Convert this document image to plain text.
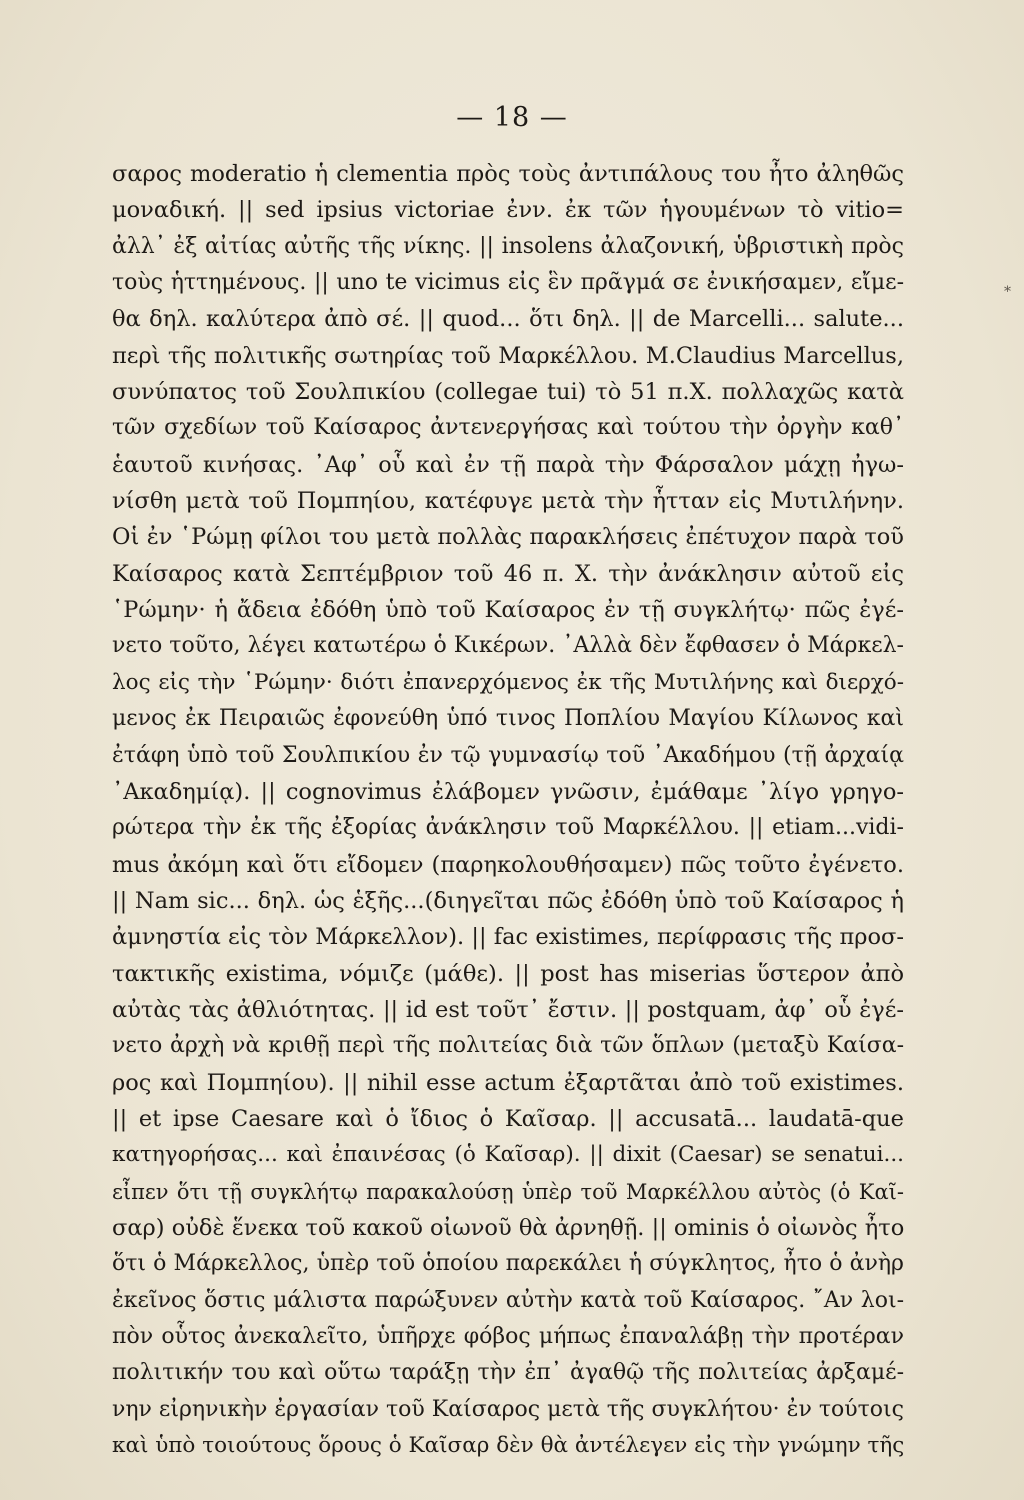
— 18 —
*
σαρος moderatio ἡ clementia πρὸς τοὺς ἀντιπάλους του ἦτο ἀληθῶς
μοναδική. || sed ipsius victoriae ἐνν. ἐκ τῶν ἡγουμένων τὸ vitio=
ἀλλ᾽ ἐξ αἰτίας αὐτῆς τῆς νίκης. || insolens ἀλαζονική, ὑβριστικὴ πρὸς
τοὺς ἡττημένους. || uno te vicimus εἰς ἓν πρᾶγμά σε ἐνικήσαμεν, εἴμε-
θα δηλ. καλύτερα ἀπὸ σέ. || quod... ὅτι δηλ. || de Marcelli... salute...
περὶ τῆς πολιτικῆς σωτηρίας τοῦ Μαρκέλλου. M.Claudius Marcellus,
συνύπατος τοῦ Σουλπικίου (collegae tui) τὸ 51 π.Χ. πολλαχῶς κατὰ
τῶν σχεδίων τοῦ Καίσαρος ἀντενεργήσας καὶ τούτου τὴν ὀργὴν καθ᾽
ἑαυτοῦ κινήσας. ᾽Αφ᾽ οὗ καὶ ἐν τῇ παρὰ τὴν Φάρσαλον μάχῃ ἠγω-
νίσθη μετὰ τοῦ Πομπηίου, κατέφυγε μετὰ τὴν ἧτταν εἰς Μυτιλήνην.
Οἱ ἐν ῾Ρώμῃ φίλοι του μετὰ πολλὰς παρακλήσεις ἐπέτυχον παρὰ τοῦ
Καίσαρος κατὰ Σεπτέμβριον τοῦ 46 π. Χ. τὴν ἀνάκλησιν αὐτοῦ εἰς
῾Ρώμην· ἡ ἄδεια ἐδόθη ὑπὸ τοῦ Καίσαρος ἐν τῇ συγκλήτῳ· πῶς ἐγέ-
νετο τοῦτο, λέγει κατωτέρω ὁ Κικέρων. ᾽Αλλὰ δὲν ἔφθασεν ὁ Μάρκελ-
λος εἰς τὴν ῾Ρώμην· διότι ἐπανερχόμενος ἐκ τῆς Μυτιλήνης καὶ διερχό-
μενος ἐκ Πειραιῶς ἐφονεύθη ὑπό τινος Ποπλίου Μαγίου Κίλωνος καὶ
ἐτάφη ὑπὸ τοῦ Σουλπικίου ἐν τῷ γυμνασίῳ τοῦ ᾽Ακαδήμου (τῇ ἀρχαίᾳ
᾽Ακαδημίᾳ). || cognovimus ἐλάβομεν γνῶσιν, ἐμάθαμε ᾽λίγο γρηγο-
ρώτερα τὴν ἐκ τῆς ἐξορίας ἀνάκλησιν τοῦ Μαρκέλλου. || etiam...vidi-
mus ἀκόμη καὶ ὅτι εἴδομεν (παρηκολουθήσαμεν) πῶς τοῦτο ἐγένετο.
|| Nam sic... δηλ. ὡς ἑξῆς...(διηγεῖται πῶς ἐδόθη ὑπὸ τοῦ Καίσαρος ἡ
ἀμνηστία εἰς τὸν Μάρκελλον). || fac existimes, περίφρασις τῆς προσ-
τακτικῆς existima, νόμιζε (μάθε). || post has miserias ὕστερον ἀπὸ
αὐτὰς τὰς ἀθλιότητας. || id est τοῦτ᾽ ἔστιν. || postquam, ἀφ᾽ οὗ ἐγέ-
νετο ἀρχὴ νὰ κριθῇ περὶ τῆς πολιτείας διὰ τῶν ὅπλων (μεταξὺ Καίσα-
ρος καὶ Πομπηίου). || nihil esse actum ἐξαρτᾶται ἀπὸ τοῦ existimes.
|| et ipse Caesare καὶ ὁ ἴδιος ὁ Καῖσαρ. || accusatā... laudatā-que
κατηγορήσας... καὶ ἐπαινέσας (ὁ Καῖσαρ). || dixit (Caesar) se senatui...
εἶπεν ὅτι τῇ συγκλήτῳ παρακαλούσῃ ὑπὲρ τοῦ Μαρκέλλου αὐτὸς (ὁ Καῖ-
σαρ) οὐδὲ ἕνεκα τοῦ κακοῦ οἰωνοῦ θὰ ἀρνηθῇ. || ominis ὁ οἰωνὸς ἦτο
ὅτι ὁ Μάρκελλος, ὑπὲρ τοῦ ὁποίου παρεκάλει ἡ σύγκλητος, ἦτο ὁ ἀνὴρ
ἐκεῖνος ὅστις μάλιστα παρώξυνεν αὐτὴν κατὰ τοῦ Καίσαρος. ῎Αν λοι-
πὸν οὗτος ἀνεκαλεῖτο, ὑπῆρχε φόβος μήπως ἐπαναλάβῃ τὴν προτέραν
πολιτικήν του καὶ οὕτω ταράξῃ τὴν ἐπ᾽ ἀγαθῷ τῆς πολιτείας ἀρξαμέ-
νην εἰρηνικὴν ἐργασίαν τοῦ Καίσαρος μετὰ τῆς συγκλήτου· ἐν τούτοις
καὶ ὑπὸ τοιούτους ὅρους ὁ Καῖσαρ δὲν θὰ ἀντέλεγεν εἰς τὴν γνώμην τῆς
